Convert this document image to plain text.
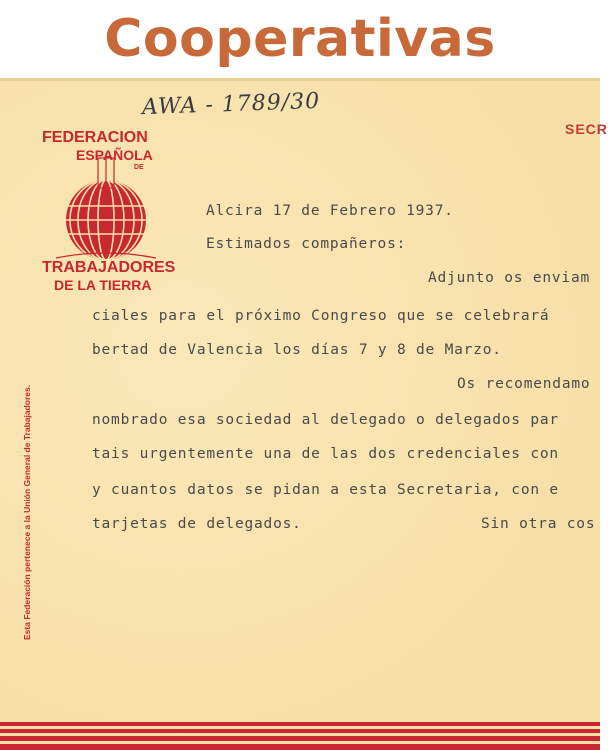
Cooperativas
AWA - 1789/30
SECR
FEDERACION
ESPAÑOLA
DE
TRABAJADORES
DE LA TIERRA
Esta Federación pertenece a la Unión General de Trabajadores.
Alcira 17 de Febrero 1937.
Estimados compañeros:
Adjunto os enviam
ciales para el próximo Congreso que se celebrará
bertad de Valencia los días 7 y 8 de Marzo.
Os recomendamo
nombrado esa sociedad al delegado o delegados par
tais urgentemente una de las dos credenciales con
y cuantos datos se pidan a esta Secretaria, con e
tarjetas de delegados.	Sin otra cos
